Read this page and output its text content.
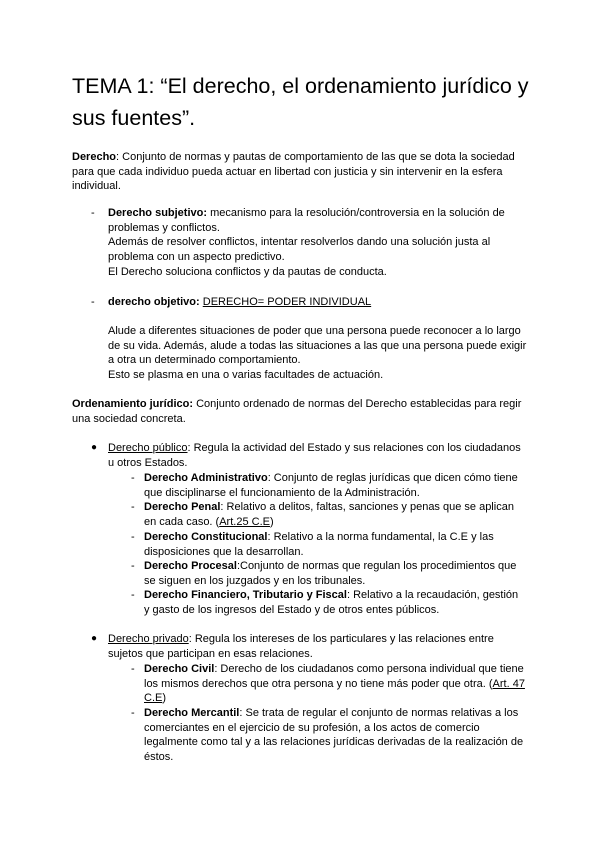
TEMA 1: “El derecho, el ordenamiento jurídico y sus fuentes”.

Derecho: Conjunto de normas y pautas de comportamiento de las que se dota la sociedad para que cada individuo pueda actuar en libertad con justicia y sin intervenir en la esfera individual.

- Derecho subjetivo: mecanismo para la resolución/controversia en la solución de problemas y conflictos.

Además de resolver conflictos, intentar resolverlos dando una solución justa al problema con un aspecto predictivo.

El Derecho soluciona conflictos y da pautas de conducta.

- derecho objetivo: DERECHO= PODER INDIVIDUAL

Alude a diferentes situaciones de poder que una persona puede reconocer a lo largo de su vida. Además, alude a todas las situaciones a las que una persona puede exigir a otra un determinado comportamiento.

Esto se plasma en una o varias facultades de actuación.

Ordenamiento jurídico: Conjunto ordenado de normas del Derecho establecidas para regir una sociedad concreta.

● Derecho público: Regula la actividad del Estado y sus relaciones con los ciudadanos u otros Estados.

- Derecho Administrativo: Conjunto de reglas jurídicas que dicen cómo tiene que disciplinarse el funcionamiento de la Administración.

- Derecho Penal: Relativo a delitos, faltas, sanciones y penas que se aplican en cada caso. (Art.25 C.E)

- Derecho Constitucional: Relativo a la norma fundamental, la C.E y las disposiciones que la desarrollan.

- Derecho Procesal:Conjunto de normas que regulan los procedimientos que se siguen en los juzgados y en los tribunales.

- Derecho Financiero, Tributario y Fiscal: Relativo a la recaudación, gestión y gasto de los ingresos del Estado y de otros entes públicos.

● Derecho privado: Regula los intereses de los particulares y las relaciones entre sujetos que participan en esas relaciones.

- Derecho Civil: Derecho de los ciudadanos como persona individual que tiene los mismos derechos que otra persona y no tiene más poder que otra. (Art. 47 C.E)

- Derecho Mercantil: Se trata de regular el conjunto de normas relativas a los comerciantes en el ejercicio de su profesión, a los actos de comercio legalmente como tal y a las relaciones jurídicas derivadas de la realización de éstos.
